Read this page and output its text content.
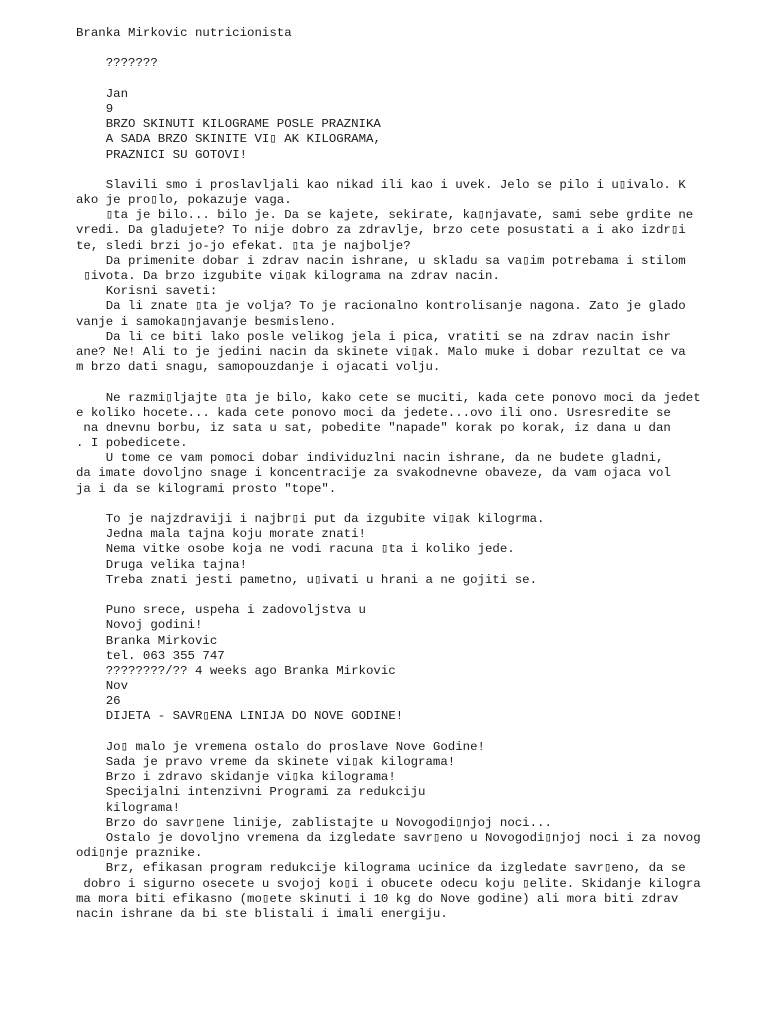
Branka Mirkovic nutricionista
???????
Jan
9
BRZO SKINUTI KILOGRAME POSLE PRAZNIKA
A SADA BRZO SKINITE VI▯ AK KILOGRAMA,
PRAZNICI SU GOTOVI!
Slavili smo i proslavljali kao nikad ili kao i uvek. Jelo se pilo i u▯ivalo. K
ako je pro▯lo, pokazuje vaga.
▯ta je bilo... bilo je. Da se kajete, sekirate, ka▯njavate, sami sebe grdite ne
vredi. Da gladujete? To nije dobro za zdravlje, brzo cete posustati a i ako izdr▯i
te, sledi brzi jo-jo efekat. ▯ta je najbolje?
Da primenite dobar i zdrav nacin ishrane, u skladu sa va▯im potrebama i stilom
▯ivota. Da brzo izgubite vi▯ak kilograma na zdrav nacin.
Korisni saveti:
Da li znate ▯ta je volja? To je racionalno kontrolisanje nagona. Zato je glado
vanje i samoka▯njavanje besmisleno.
Da li ce biti lako posle velikog jela i pica, vratiti se na zdrav nacin ishr
ane? Ne! Ali to je jedini nacin da skinete vi▯ak. Malo muke i dobar rezultat ce va
m brzo dati snagu, samopouzdanje i ojacati volju.
Ne razmi▯ljajte ▯ta je bilo, kako cete se muciti, kada cete ponovo moci da jedet
e koliko hocete... kada cete ponovo moci da jedete...ovo ili ono. Usresredite se
na dnevnu borbu, iz sata u sat, pobedite "napade" korak po korak, iz dana u dan
. I pobedicete.
U tome ce vam pomoci dobar individuzlni nacin ishrane, da ne budete gladni,
da imate dovoljno snage i koncentracije za svakodnevne obaveze, da vam ojaca vol
ja i da se kilogrami prosto "tope".
To je najzdraviji i najbr▯i put da izgubite vi▯ak kilogrma.
Jedna mala tajna koju morate znati!
Nema vitke osobe koja ne vodi racuna ▯ta i koliko jede.
Druga velika tajna!
Treba znati jesti pametno, u▯ivati u hrani a ne gojiti se.
Puno srece, uspeha i zadovoljstva u
Novoj godini!
Branka Mirkovic
tel. 063 355 747
????????/?? 4 weeks ago Branka Mirkovic
Nov
26
DIJETA - SAVR▯ENA LINIJA DO NOVE GODINE!
Jo▯ malo je vremena ostalo do proslave Nove Godine!
Sada je pravo vreme da skinete vi▯ak kilograma!
Brzo i zdravo skidanje vi▯ka kilograma!
Specijalni intenzivni Programi za redukciju
kilograma!
Brzo do savr▯ene linije, zablistajte u Novogodi▯njoj noci...
Ostalo je dovoljno vremena da izgledate savr▯eno u Novogodi▯njoj noci i za novog
odi▯nje praznike.
Brz, efikasan program redukcije kilograma ucinice da izgledate savr▯eno, da se
dobro i sigurno osecete u svojoj ko▯i i obucete odecu koju ▯elite. Skidanje kilogra
ma mora biti efikasno (mo▯ete skinuti i 10 kg do Nove godine) ali mora biti zdrav
nacin ishrane da bi ste blistali i imali energiju.
